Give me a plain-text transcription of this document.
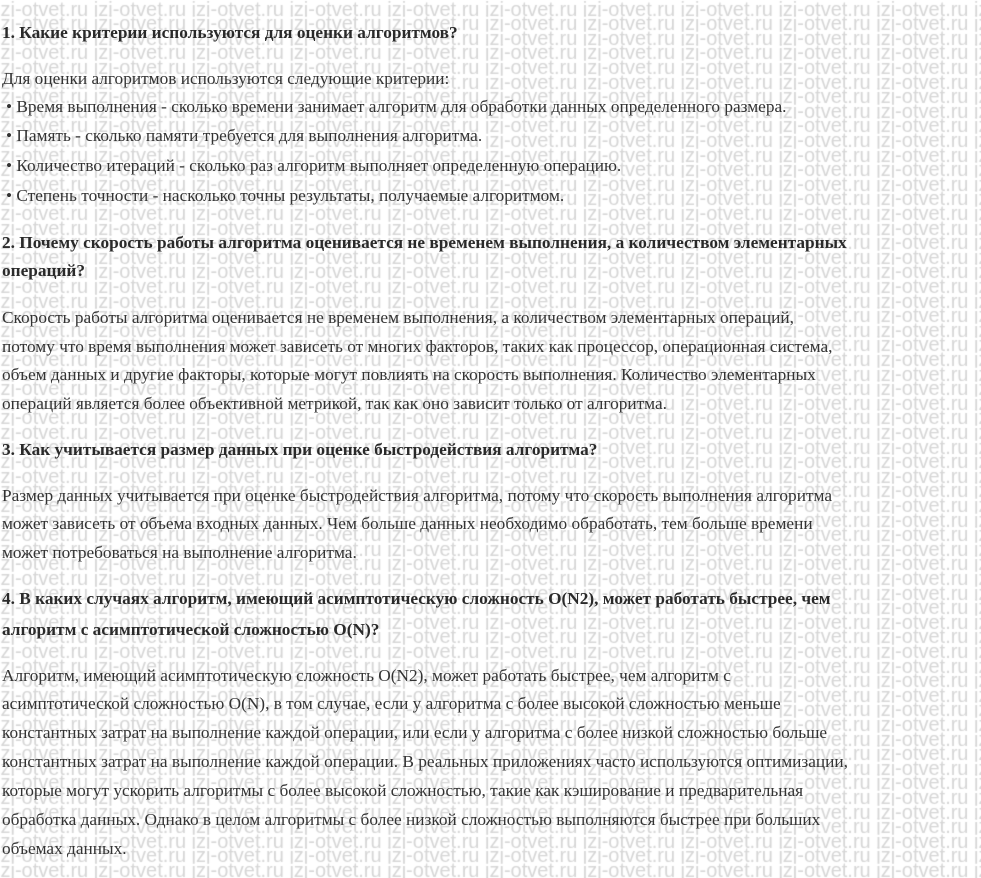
1. Какие критерии используются для оценки алгоритмов?
Для оценки алгоритмов используются следующие критерии:
• Время выполнения - сколько времени занимает алгоритм для обработки данных определенного размера.
• Память - сколько памяти требуется для выполнения алгоритма.
• Количество итераций - сколько раз алгоритм выполняет определенную операцию.
• Степень точности - насколько точны результаты, получаемые алгоритмом.
2. Почему скорость работы алгоритма оценивается не временем выполнения, а количеством элементарных
операций?
Скорость работы алгоритма оценивается не временем выполнения, а количеством элементарных операций,
потому что время выполнения может зависеть от многих факторов, таких как процессор, операционная система,
объем данных и другие факторы, которые могут повлиять на скорость выполнения. Количество элементарных
операций является более объективной метрикой, так как оно зависит только от алгоритма.
3. Как учитывается размер данных при оценке быстродействия алгоритма?
Размер данных учитывается при оценке быстродействия алгоритма, потому что скорость выполнения алгоритма
может зависеть от объема входных данных. Чем больше данных необходимо обработать, тем больше времени
может потребоваться на выполнение алгоритма.
4. В каких случаях алгоритм, имеющий асимптотическую сложность O(N2), может работать быстрее, чем
алгоритм с асимптотической сложностью O(N)?
Алгоритм, имеющий асимптотическую сложность O(N2), может работать быстрее, чем алгоритм с
асимптотической сложностью O(N), в том случае, если у алгоритма с более высокой сложностью меньше
константных затрат на выполнение каждой операции, или если у алгоритма с более низкой сложностью больше
константных затрат на выполнение каждой операции. В реальных приложениях часто используются оптимизации,
которые могут ускорить алгоритмы с более высокой сложностью, такие как кэширование и предварительная
обработка данных. Однако в целом алгоритмы с более низкой сложностью выполняются быстрее при больших
объемах данных.
